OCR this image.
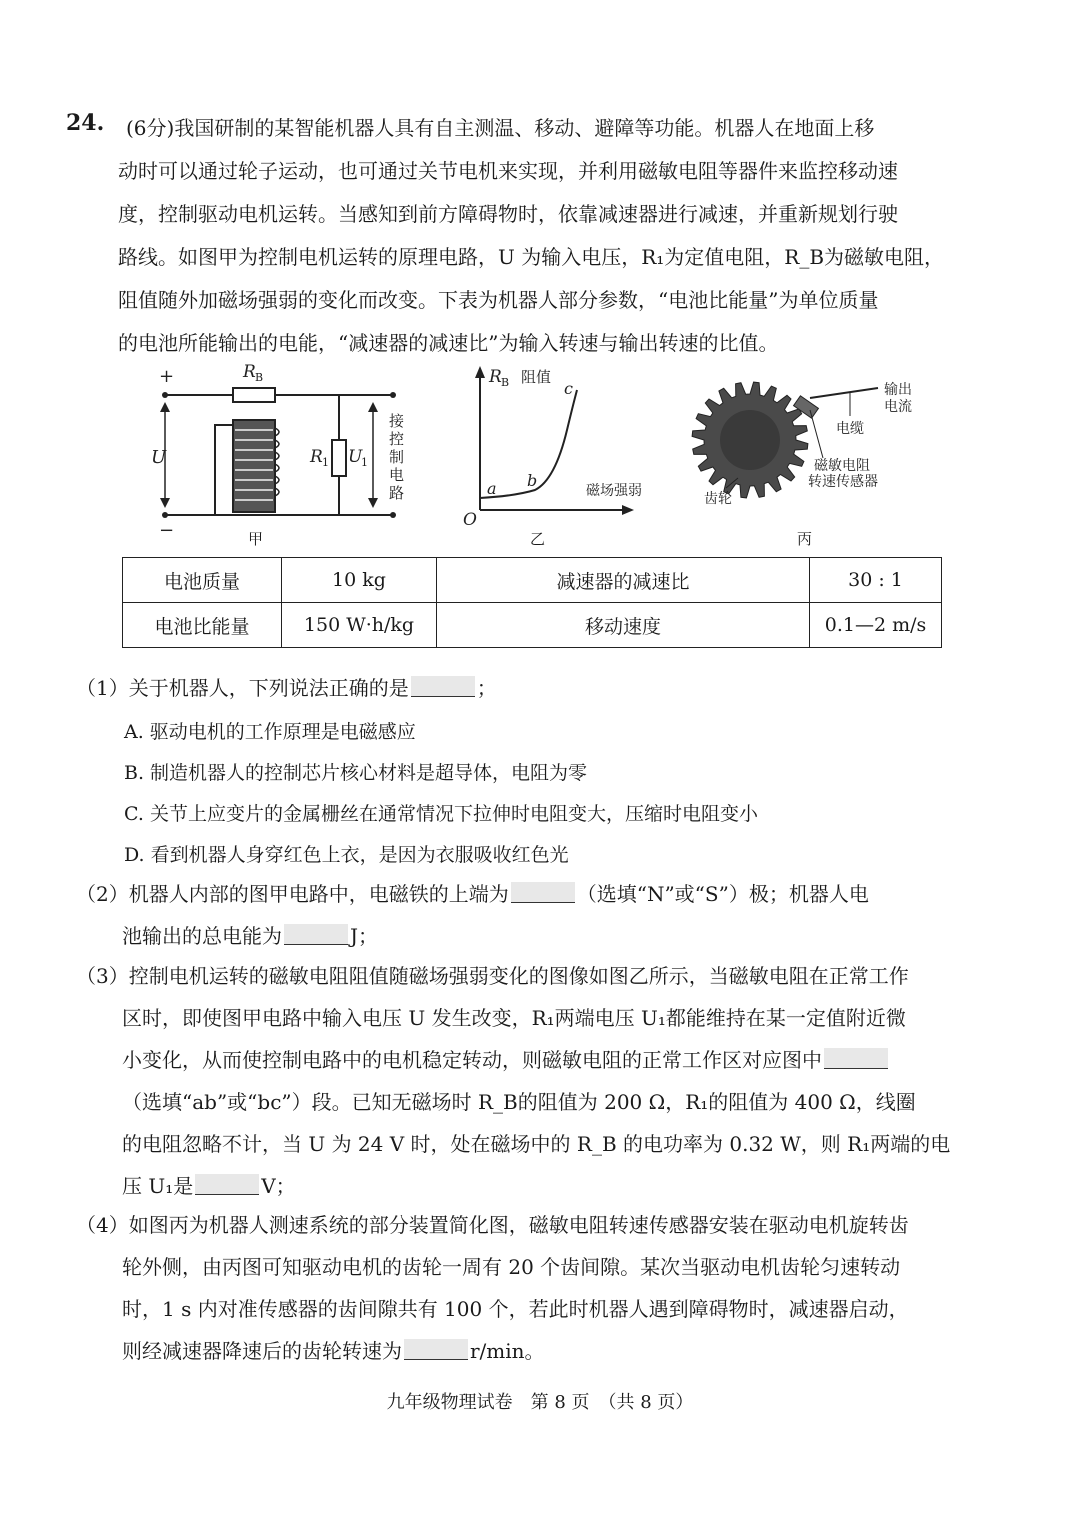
24. (6分)我国研制的某智能机器人具有自主测温、移动、避障等功能。机器人在地面上移
动时可以通过轮子运动，也可通过关节电机来实现，并利用磁敏电阻等器件来监控移动速
度，控制驱动电机运转。当感知到前方障碍物时，依靠减速器进行减速，并重新规划行驶
路线。如图甲为控制电机运转的原理电路，U 为输入电压，R₁为定值电阻，R_B为磁敏电阻，
阻值随外加磁场强弱的变化而改变。下表为机器人部分参数，“电池比能量”为单位质量
的电池所能输出的电能，“减速器的减速比”为输入转速与输出转速的比值。
+
−
U
R B
R 1 U
1
接
控
制
电
路
甲
O
R B 阻值
磁场强弱
a b
c
乙
输出
电流
电缆
磁敏电阻
转速传感器
齿轮
丙
电池质量	10 kg	减速器的减速比	30 : 1
电池比能量	150 W·h/kg	移动速度	0.1—2 m/s
（1）关于机器人，下列说法正确的是	；
A. 驱动电机的工作原理是电磁感应
B. 制造机器人的控制芯片核心材料是超导体，电阻为零
C. 关节上应变片的金属栅丝在通常情况下拉伸时电阻变大，压缩时电阻变小
D. 看到机器人身穿红色上衣，是因为衣服吸收红色光
（2）机器人内部的图甲电路中，电磁铁的上端为	（选填“N”或“S”）极；机器人电
池输出的总电能为	J；
（3）控制电机运转的磁敏电阻阻值随磁场强弱变化的图像如图乙所示，当磁敏电阻在正常工作
区时，即使图甲电路中输入电压 U 发生改变，R₁两端电压 U₁都能维持在某一定值附近微
小变化，从而使控制电路中的电机稳定转动，则磁敏电阻的正常工作区对应图中
（选填“ab”或“bc”）段。已知无磁场时 R_B的阻值为 200 Ω，R₁的阻值为 400 Ω，线圈
的电阻忽略不计，当 U 为 24 V 时，处在磁场中的 R_B 的电功率为 0.32 W，则 R₁两端的电
压 U₁是	V；
（4）如图丙为机器人测速系统的部分装置简化图，磁敏电阻转速传感器安装在驱动电机旋转齿
轮外侧，由丙图可知驱动电机的齿轮一周有 20 个齿间隙。某次当驱动电机齿轮匀速转动
时，1 s 内对准传感器的齿间隙共有 100 个，若此时机器人遇到障碍物时，减速器启动，
则经减速器降速后的齿轮转速为	r/min。
九年级物理试卷　第 8 页　（共 8 页）
